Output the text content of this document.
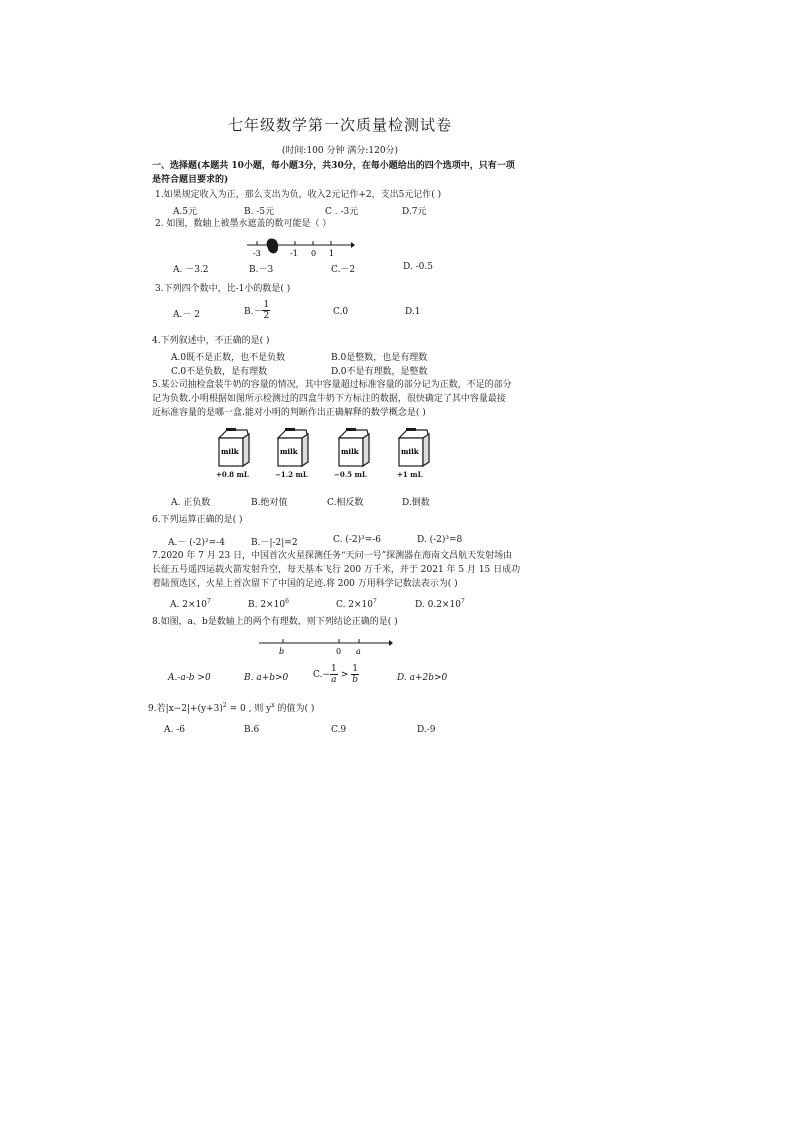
七年级数学第一次质量检测试卷
(时间:100 分钟 满分:120分)
一、选择题(本题共 10小题，每小题3分，共30分，在每小题给出的四个选项中，只有一项
是符合题目要求的)
1.如果规定收入为正，那么支出为负，收入2元记作+2，支出5元记作( )
A.5元	B. -5元	C . -3元	D.7元
2. 如图，数轴上被墨水遮盖的数可能是（ ）
-3	-1 0 1
A. －3.2	B.－3	C.－2	D. -0.5
3.下列四个数中，比-1小的数是( )
A.－ 2	$B.- \frac{1}{2}$	C.0	D.1
4.下列叙述中，不正确的是( )
A.0既不是正数，也不是负数	B.0是整数，也是有理数
C.0不是负数，是有理数	D.0不是有理数，是整数
5.某公司抽检盒装牛奶的容量的情况，其中容量超过标准容量的部分记为正数，不足的部分
记为负数.小明根据如图所示检测过的四盒牛奶下方标注的数据，很快确定了其中容量最接
近标准容量的是哪一盒.能对小明的判断作出正确解释的数学概念是( )
milk	milk	milk	milk
+0.8 mL	−1.2 mL	−0.5 mL	+1 mL
A. 正负数	B.绝对值	C.相反数	D.倒数
6.下列运算正确的是( )
A.－ (-2)²=-4	B.－|-2|=2	C. (-2)³=-6	D. (-2)³=8
7.2020 年 7 月 23 日，中国首次火星探测任务“天问一号”探测器在海南文昌航天发射场由
长征五号遥四运载火箭发射升空，每天基本飞行 200 万千米，并于 2021 年 5 月 15 日成功
着陆预选区，火星上首次留下了中国的足迹.将 200 万用科学记数法表示为( )
A. $2\times 10^7$	B. $2\times 10^6$	C. $2\times 10^7$	D. $0.2\times 10^7$
8.如图，a、b是数轴上的两个有理数，则下列结论正确的是( )
b	0 a
A.-a-b >0	B. a+b>0	$C.- \frac{1}{a} > \frac{1}{b}$	D. a+2b>0
9.若$|x-2|+(y+3)^2 = 0$ , 则 $y^x$ 的值为( )
A. -6	B.6	C.9	D.-9
